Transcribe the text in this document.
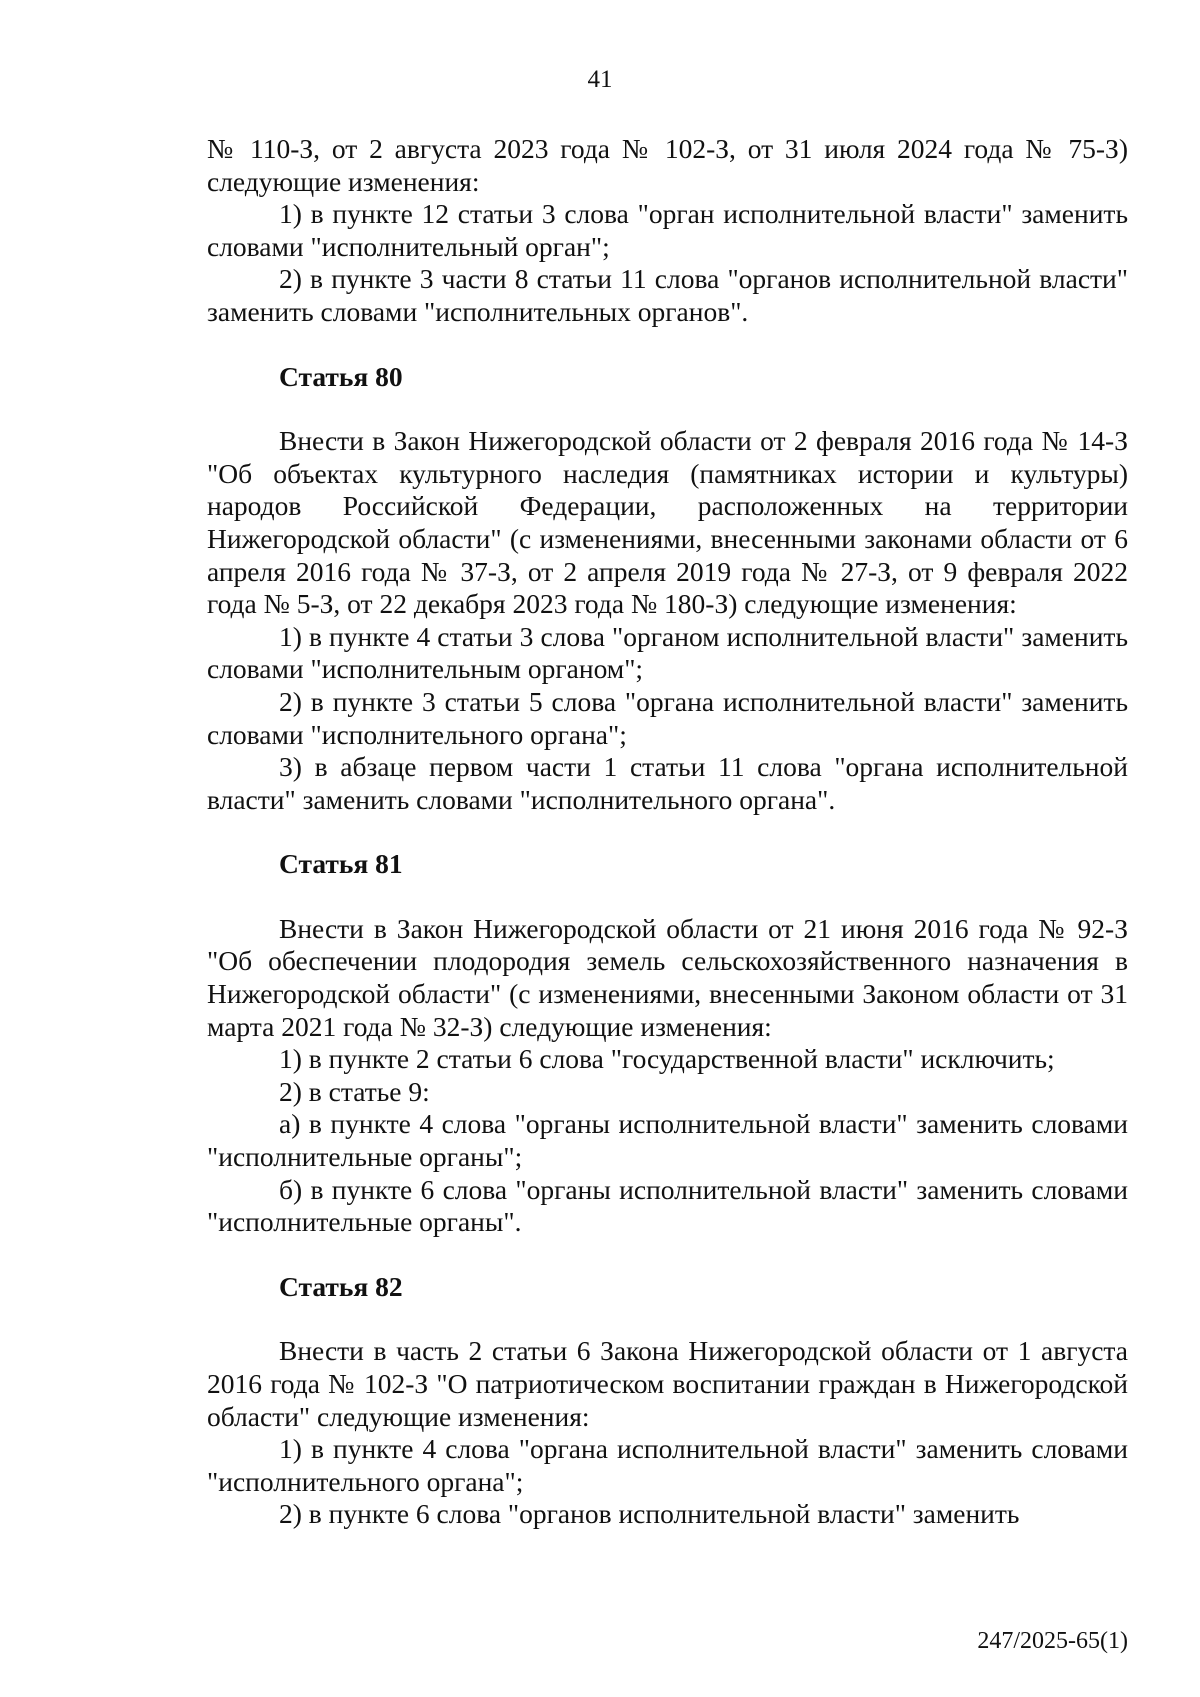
41

№ 110-З, от 2 августа 2023 года № 102-З, от 31 июля 2024 года № 75-З) следующие изменения:

1) в пункте 12 статьи 3 слова "орган исполнительной власти" заменить словами "исполнительный орган";

2) в пункте 3 части 8 статьи 11 слова "органов исполнительной власти" заменить словами "исполнительных органов".

Статья 80

Внести в Закон Нижегородской области от 2 февраля 2016 года № 14-З "Об объектах культурного наследия (памятниках истории и культуры) народов Российской Федерации, расположенных на территории Нижегородской области" (с изменениями, внесенными законами области от 6 апреля 2016 года № 37-З, от 2 апреля 2019 года № 27-З, от 9 февраля 2022 года № 5-З, от 22 декабря 2023 года № 180-З) следующие изменения:

1) в пункте 4 статьи 3 слова "органом исполнительной власти" заменить словами "исполнительным органом";

2) в пункте 3 статьи 5 слова "органа исполнительной власти" заменить словами "исполнительного органа";

3) в абзаце первом части 1 статьи 11 слова "органа исполнительной власти" заменить словами "исполнительного органа".

Статья 81

Внести в Закон Нижегородской области от 21 июня 2016 года № 92-З "Об обеспечении плодородия земель сельскохозяйственного назначения в Нижегородской области" (с изменениями, внесенными Законом области от 31 марта 2021 года № 32-З) следующие изменения:

1) в пункте 2 статьи 6 слова "государственной власти" исключить;

2) в статье 9:

а) в пункте 4 слова "органы исполнительной власти" заменить словами "исполнительные органы";

б) в пункте 6 слова "органы исполнительной власти" заменить словами "исполнительные органы".

Статья 82

Внести в часть 2 статьи 6 Закона Нижегородской области от 1 августа 2016 года № 102-З "О патриотическом воспитании граждан в Нижегородской области" следующие изменения:

1) в пункте 4 слова "органа исполнительной власти" заменить словами "исполнительного органа";

2) в пункте 6 слова "органов исполнительной власти" заменить

247/2025-65(1)
